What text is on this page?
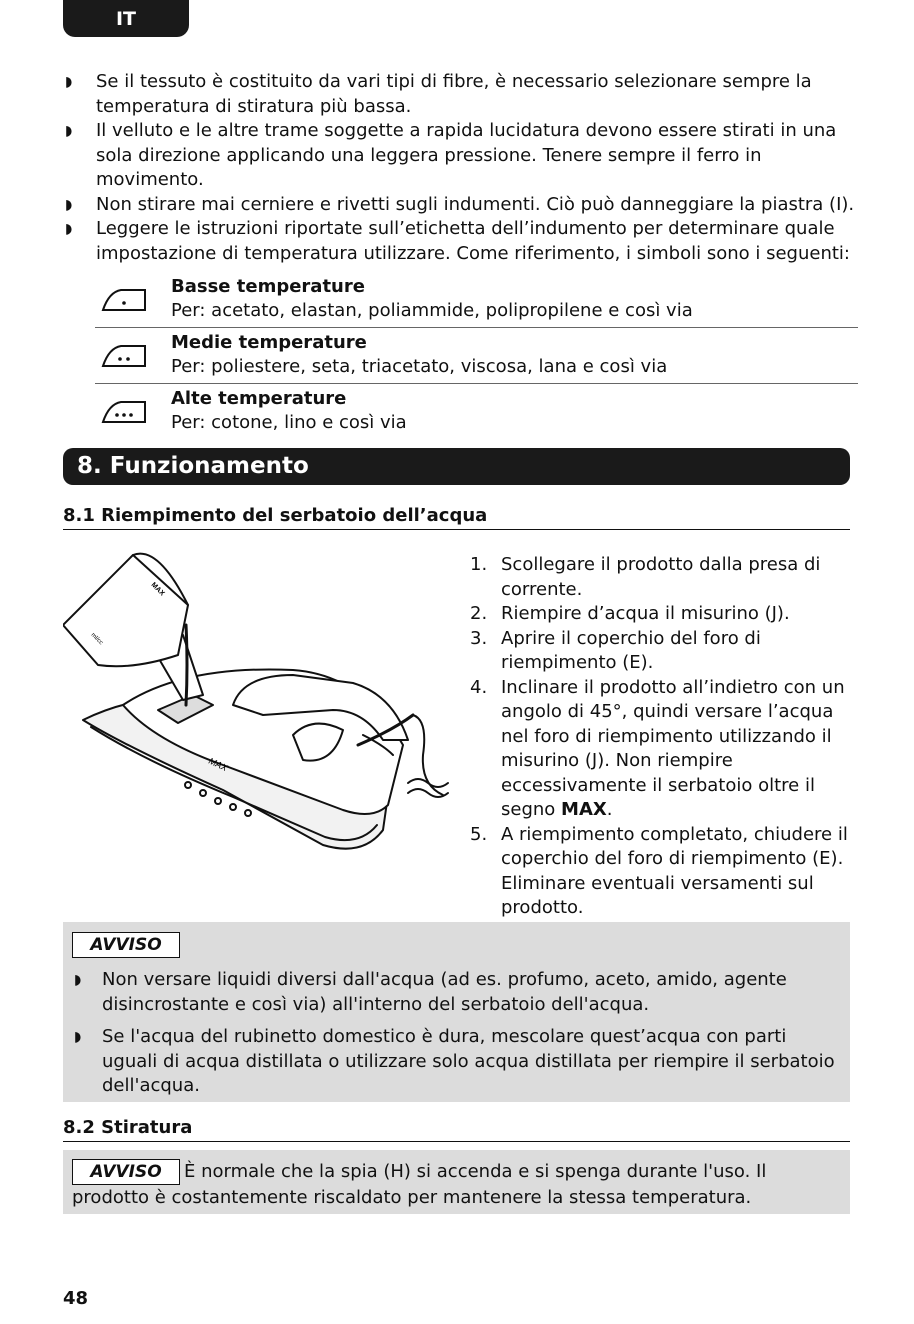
IT
◗	Se il tessuto è costituito da vari tipi di fibre, è necessario selezionare sempre la temperatura di stiratura più bassa.
◗	Il velluto e le altre trame soggette a rapida lucidatura devono essere stirati in una sola direzione applicando una leggera pressione. Tenere sempre il ferro in movimento.
◗	Non stirare mai cerniere e rivetti sugli indumenti. Ciò può danneggiare la piastra (I).
◗	Leggere le istruzioni riportate sull’etichetta dell’indumento per determinare quale impostazione di temperatura utilizzare. Come riferimento, i simboli sono i seguenti:
Basse temperature
Per: acetato, elastan, poliammide, polipropilene e così via
Medie temperature
Per: poliestere, seta, triacetato, viscosa, lana e così via
Alte temperature
Per: cotone, lino e così via
8. Funzionamento
8.1 Riempimento del serbatoio dell’acqua
MAX
MAX
ml/cc
1. Scollegare il prodotto dalla presa di corrente.
2. Riempire d’acqua il misurino (J).
3. Aprire il coperchio del foro di riempimento (E).
4. Inclinare il prodotto all’indietro con un angolo di 45°, quindi versare l’acqua nel foro di riempimento utilizzando il misurino (J). Non riempire eccessivamente il serbatoio oltre il segno MAX.
5. A riempimento completato, chiudere il coperchio del foro di riempimento (E). Eliminare eventuali versamenti sul prodotto.
AVVISO
◗	Non versare liquidi diversi dall'acqua (ad es. profumo, aceto, amido, agente disincrostante e così via) all'interno del serbatoio dell'acqua.
◗	Se l'acqua del rubinetto domestico è dura, mescolare quest’acqua con parti uguali di acqua distillata o utilizzare solo acqua distillata per riempire il serbatoio dell'acqua.
8.2 Stiratura
AVVISO È normale che la spia (H) si accenda e si spenga durante l'uso. Il prodotto è costantemente riscaldato per mantenere la stessa temperatura.
48
